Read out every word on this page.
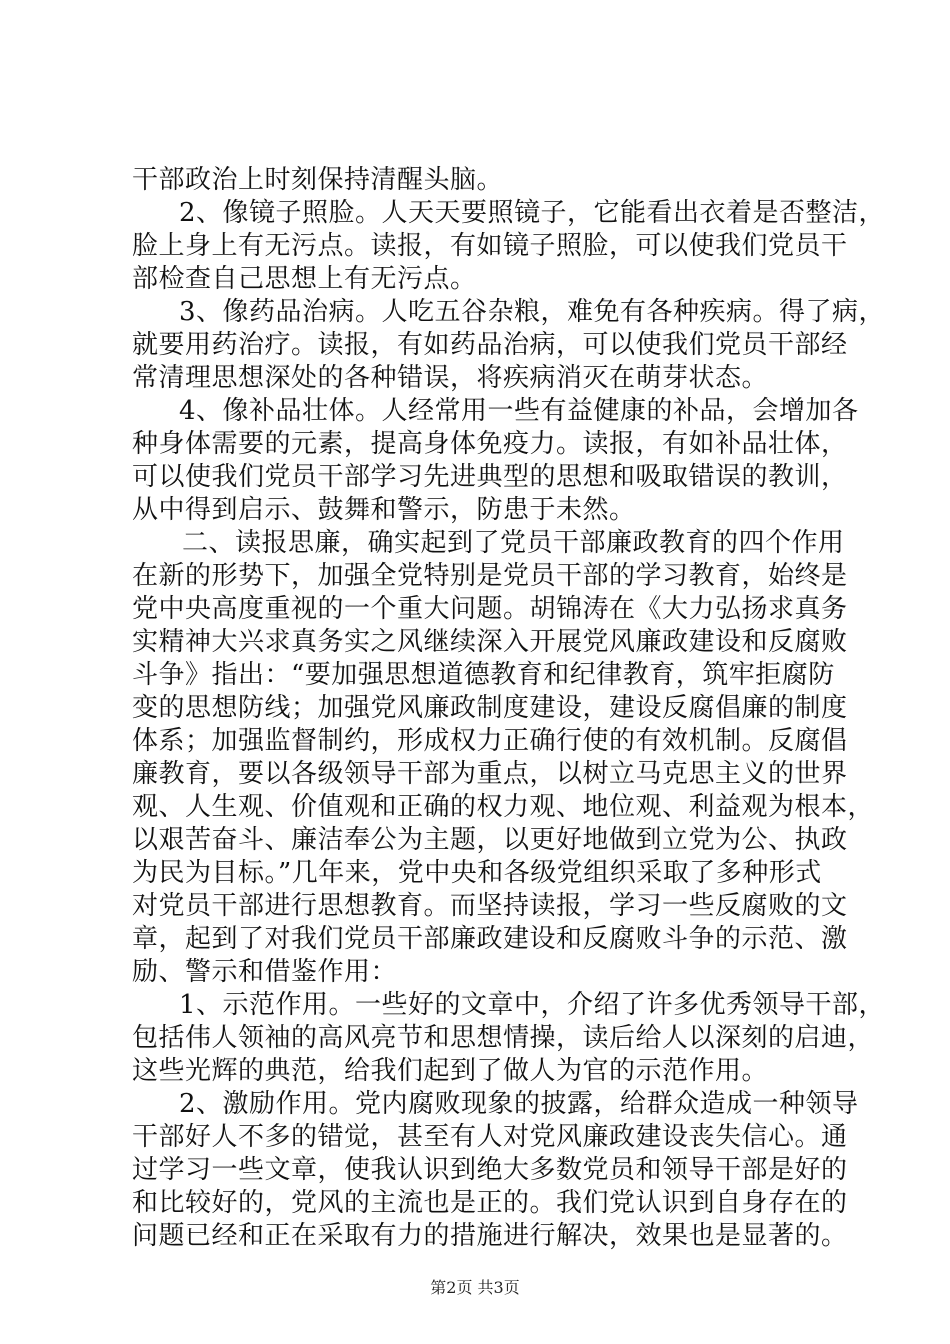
干部政治上时刻保持清醒头脑。
2、像镜子照脸。人天天要照镜子，它能看出衣着是否整洁，
脸上身上有无污点。读报，有如镜子照脸，可以使我们党员干
部检查自己思想上有无污点。
3、像药品治病。人吃五谷杂粮，难免有各种疾病。得了病，
就要用药治疗。读报，有如药品治病，可以使我们党员干部经
常清理思想深处的各种错误，将疾病消灭在萌芽状态。
4、像补品壮体。人经常用一些有益健康的补品，会增加各
种身体需要的元素，提高身体免疫力。读报，有如补品壮体，
可以使我们党员干部学习先进典型的思想和吸取错误的教训，
从中得到启示、鼓舞和警示，防患于未然。
二、读报思廉，确实起到了党员干部廉政教育的四个作用
在新的形势下，加强全党特别是党员干部的学习教育，始终是
党中央高度重视的一个重大问题。胡锦涛在《大力弘扬求真务
实精神大兴求真务实之风继续深入开展党风廉政建设和反腐败
斗争》指出：“要加强思想道德教育和纪律教育，筑牢拒腐防
变的思想防线；加强党风廉政制度建设，建设反腐倡廉的制度
体系；加强监督制约，形成权力正确行使的有效机制。反腐倡
廉教育，要以各级领导干部为重点，以树立马克思主义的世界
观、人生观、价值观和正确的权力观、地位观、利益观为根本，
以艰苦奋斗、廉洁奉公为主题，以更好地做到立党为公、执政
为民为目标。”几年来，党中央和各级党组织采取了多种形式
对党员干部进行思想教育。而坚持读报，学习一些反腐败的文
章，起到了对我们党员干部廉政建设和反腐败斗争的示范、激
励、警示和借鉴作用：
1、示范作用。一些好的文章中，介绍了许多优秀领导干部，
包括伟人领袖的高风亮节和思想情操，读后给人以深刻的启迪，
这些光辉的典范，给我们起到了做人为官的示范作用。
2、激励作用。党内腐败现象的披露，给群众造成一种领导
干部好人不多的错觉，甚至有人对党风廉政建设丧失信心。通
过学习一些文章，使我认识到绝大多数党员和领导干部是好的
和比较好的，党风的主流也是正的。我们党认识到自身存在的
问题已经和正在采取有力的措施进行解决，效果也是显著的。
第2页 共3页
